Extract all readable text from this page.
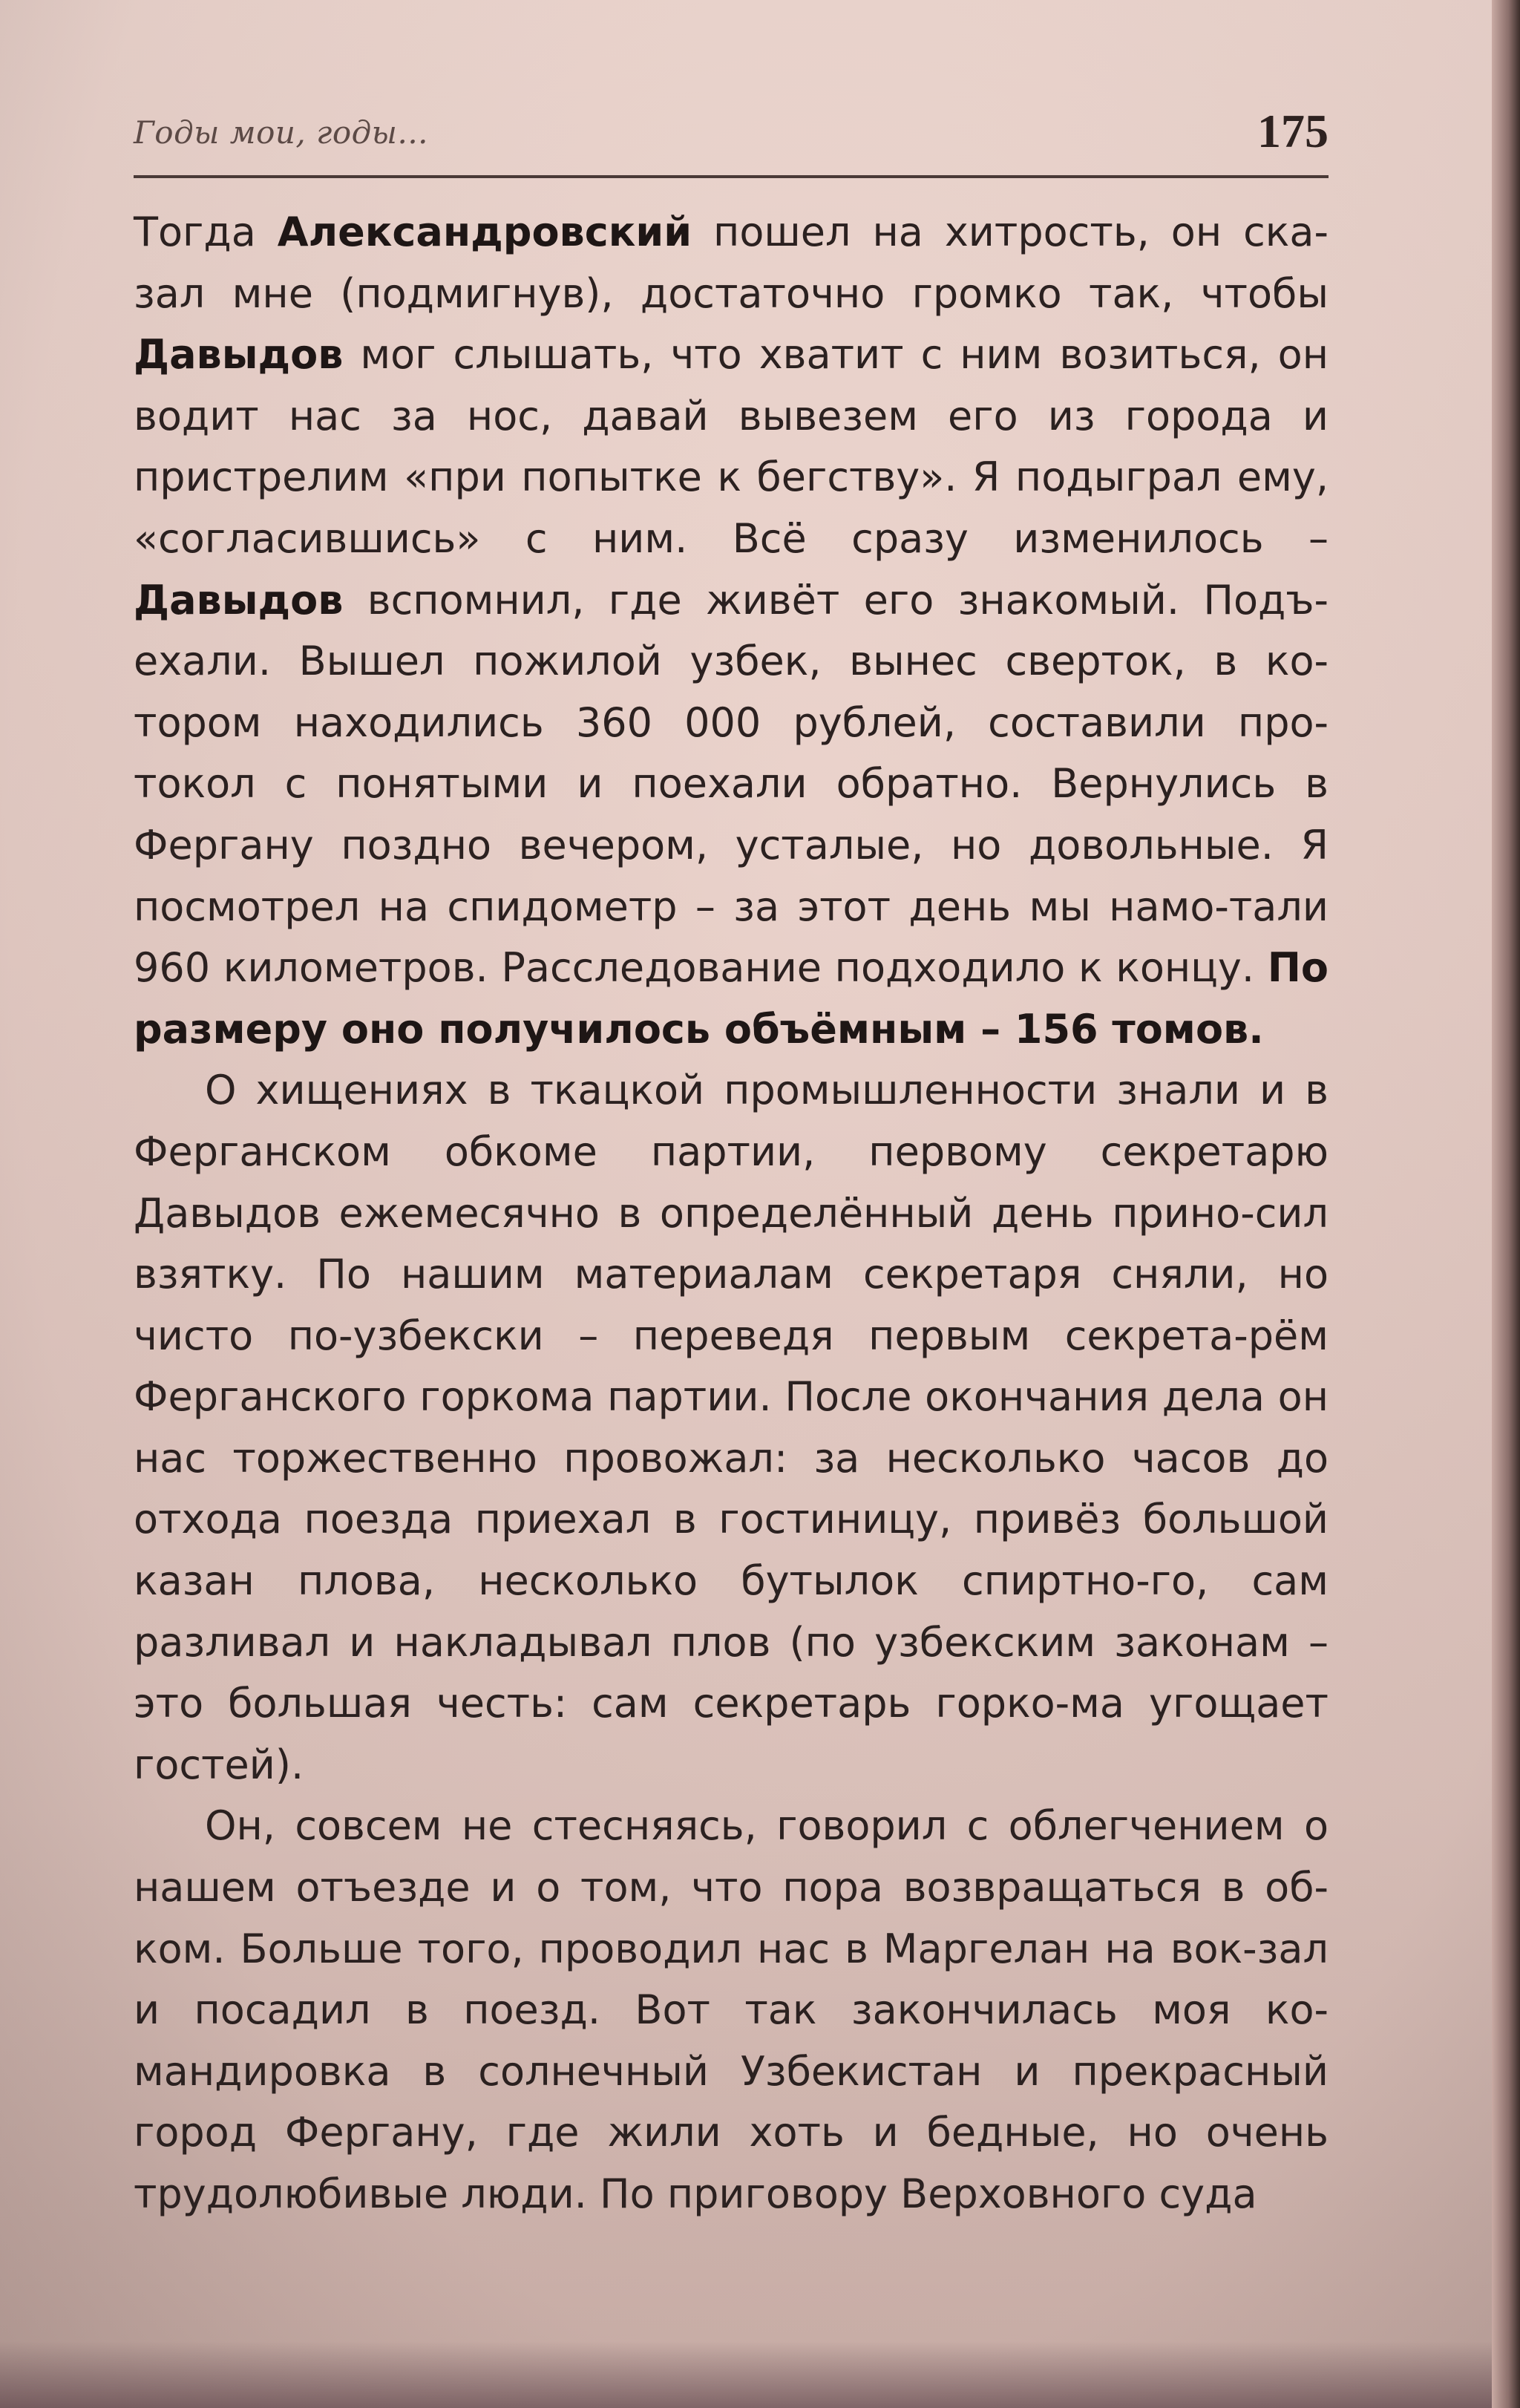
Годы мои, годы...	175

Тогда Александровский пошел на хитрость, он ска-зал мне (подмигнув), достаточно громко так, чтобы Давыдов мог слышать, что хватит с ним возиться, он водит нас за нос, давай вывезем его из города и пристрелим «при попытке к бегству». Я подыграл ему, «согласившись» с ним. Всё сразу изменилось – Давыдов вспомнил, где живёт его знакомый. Подъ-ехали. Вышел пожилой узбек, вынес сверток, в ко-тором находились 360 000 рублей, составили про-токол с понятыми и поехали обратно. Вернулись в Фергану поздно вечером, усталые, но довольные. Я посмотрел на спидометр – за этот день мы намо-тали 960 километров. Расследование подходило к концу. По размеру оно получилось объёмным – 156 томов.

О хищениях в ткацкой промышленности знали и в Ферганском обкоме партии, первому секретарю Давыдов ежемесячно в определённый день прино-сил взятку. По нашим материалам секретаря сняли, но чисто по-узбекски – переведя первым секрета-рём Ферганского горкома партии. После окончания дела он нас торжественно провожал: за несколько часов до отхода поезда приехал в гостиницу, привёз большой казан плова, несколько бутылок спиртно-го, сам разливал и накладывал плов (по узбекским законам – это большая честь: сам секретарь горко-ма угощает гостей).

Он, совсем не стесняясь, говорил с облегчением о нашем отъезде и о том, что пора возвращаться в об-ком. Больше того, проводил нас в Маргелан на вок-зал и посадил в поезд. Вот так закончилась моя ко-мандировка в солнечный Узбекистан и прекрасный город Фергану, где жили хоть и бедные, но очень трудолюбивые люди. По приговору Верховного суда
